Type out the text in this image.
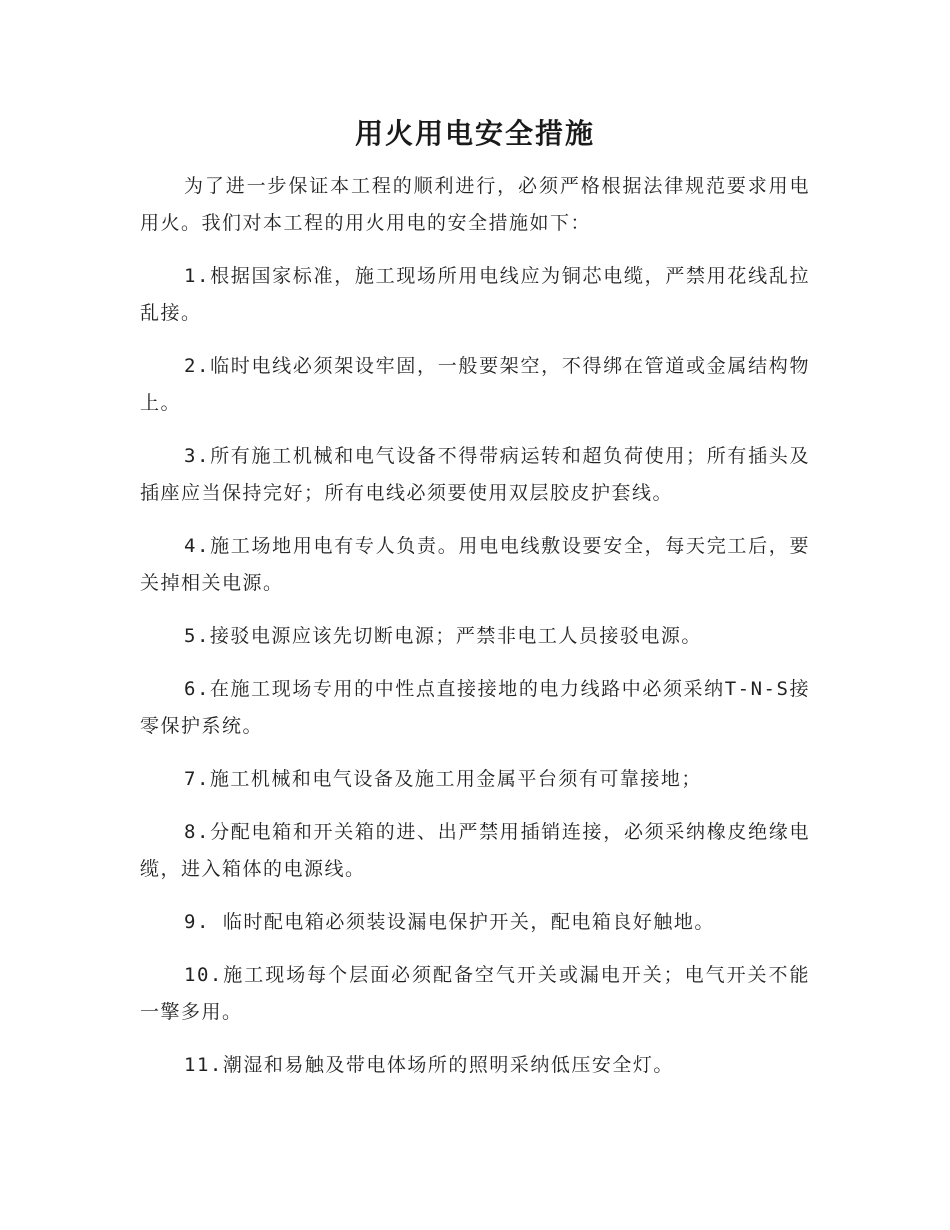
用火用电安全措施

为了进一步保证本工程的顺利进行，必须严格根据法律规范要求用电用火。我们对本工程的用火用电的安全措施如下：

1.根据国家标准，施工现场所用电线应为铜芯电缆，严禁用花线乱拉乱接。

2.临时电线必须架设牢固，一般要架空，不得绑在管道或金属结构物上。

3.所有施工机械和电气设备不得带病运转和超负荷使用；所有插头及插座应当保持完好；所有电线必须要使用双层胶皮护套线。

4.施工场地用电有专人负责。用电电线敷设要安全，每天完工后，要关掉相关电源。

5.接驳电源应该先切断电源；严禁非电工人员接驳电源。

6.在施工现场专用的中性点直接接地的电力线路中必须采纳T-N-S接零保护系统。

7.施工机械和电气设备及施工用金属平台须有可靠接地；

8.分配电箱和开关箱的进、出严禁用插销连接，必须采纳橡皮绝缘电缆，进入箱体的电源线。

9. 临时配电箱必须装设漏电保护开关，配电箱良好触地。

10.施工现场每个层面必须配备空气开关或漏电开关；电气开关不能一擎多用。

11.潮湿和易触及带电体场所的照明采纳低压安全灯。
